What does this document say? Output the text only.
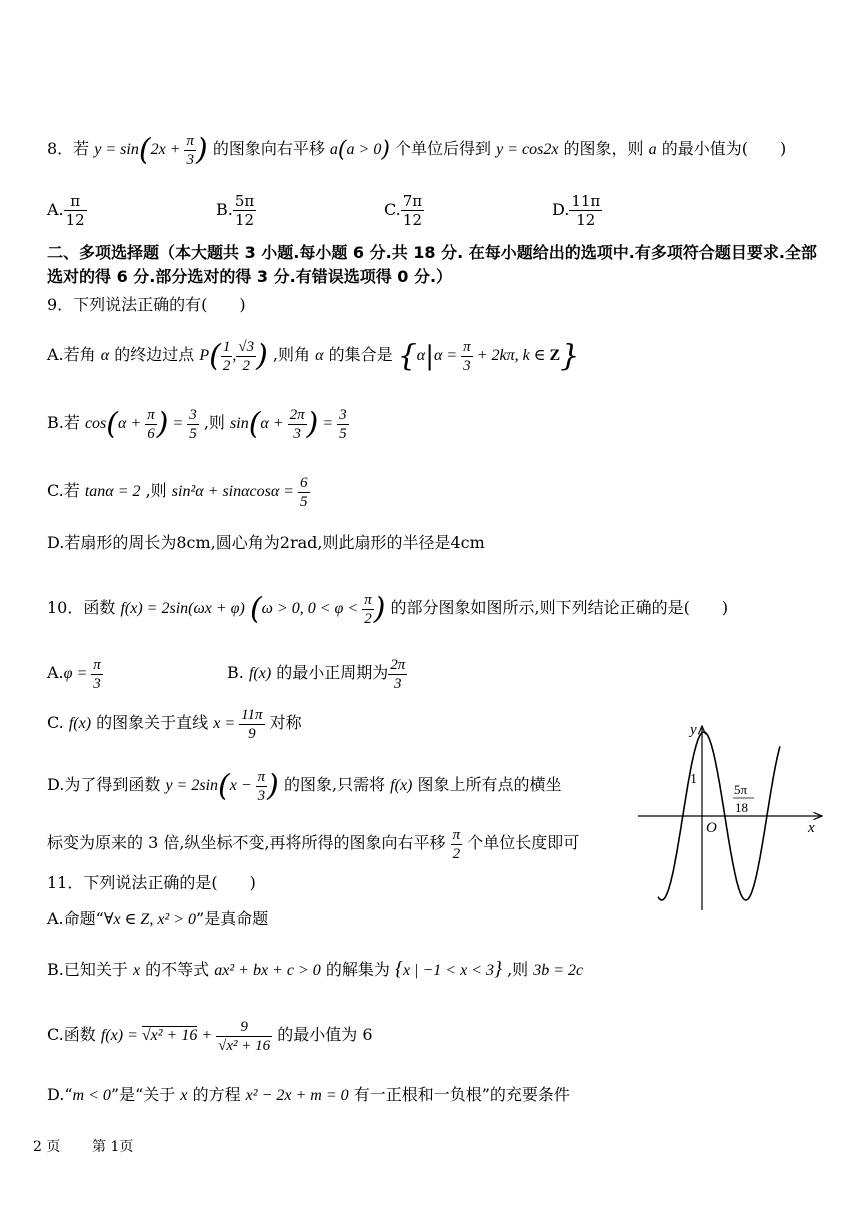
8．若 $y = \sin(2x + \frac{\pi}{3}$ ) 的图象向右平移 a(a > 0) 个单位后得到 y = cos2x 的图象，则 a 的最小值为(　　)
A. $\frac{\pi}{12}$	B. $\frac{5\pi}{12}$	C. $\frac{7\pi}{12}$	D. $\frac{11\pi}{12}$
二、多项选择题（本大题共 3 小题.每小题 6 分.共 18 分. 在每小题给出的选项中.有多项符合题目要求.全部
选对的得 6 分.部分选对的得 3 分.有错误选项得 0 分.）
9．下列说法正确的有(　　)
A.若角 α 的终边过点 $P( \frac{1}{2}$ , $\frac{√3}{2}$ ) ,则角 α 的集合是 {$\alpha|\alpha = \frac{\pi}{3} + 2k\pi$, k ∈ Z}
B.若 $\cos(\alpha + \frac{\pi}{6}$ ) = $\frac{3}{5}$ ,则 $\sin(\alpha + \frac{2\pi}{3}$ ) = $\frac{3}{5}$
C.若 tanα = 2 ,则 $\sin^2\alpha + \sin\alpha\cos\alpha = \frac{6}{5}$
D.若扇形的周长为8cm,圆心角为2rad,则此扇形的半径是4cm
10．函数 f(x) = 2sin(ωx + φ) (ω > 0, $0 < \varphi < \frac{\pi}{2}$ ) 的部分图象如图所示,则下列结论正确的是(　　)
$A.\varphi = \frac{\pi}{3}$	B. f(x) 的最小正周期为 $\frac{2\pi}{3}$
C. f(x) 的图象关于直线 $x = \frac{11\pi}{9}$ 对称
D.为了得到函数 $y = 2\sin(x - \frac{\pi}{3}$ ) 的图象,只需将 f(x) 图象上所有点的横坐
标变为原来的 3 倍,纵坐标不变,再将所得的图象向右平移 $\frac{\pi}{2}$ 个单位长度即可
y
x
O
1
5π
18
11．下列说法正确的是(　　)
A.命题“∀x ∈ Z, x² > 0”是真命题
B.已知关于 x 的不等式 ax² + bx + c > 0 的解集为 {x | −1 < x < 3} ,则 3b = 2c
C.函数 $f(x) = √x^2 + 16 + \frac{9}{\text{√x² + 16}}$ 的最小值为 6
D.“m < 0”是“关于 x 的方程 x² − 2x + m = 0 有一正根和一负根”的充要条件
2 页 第 1页
